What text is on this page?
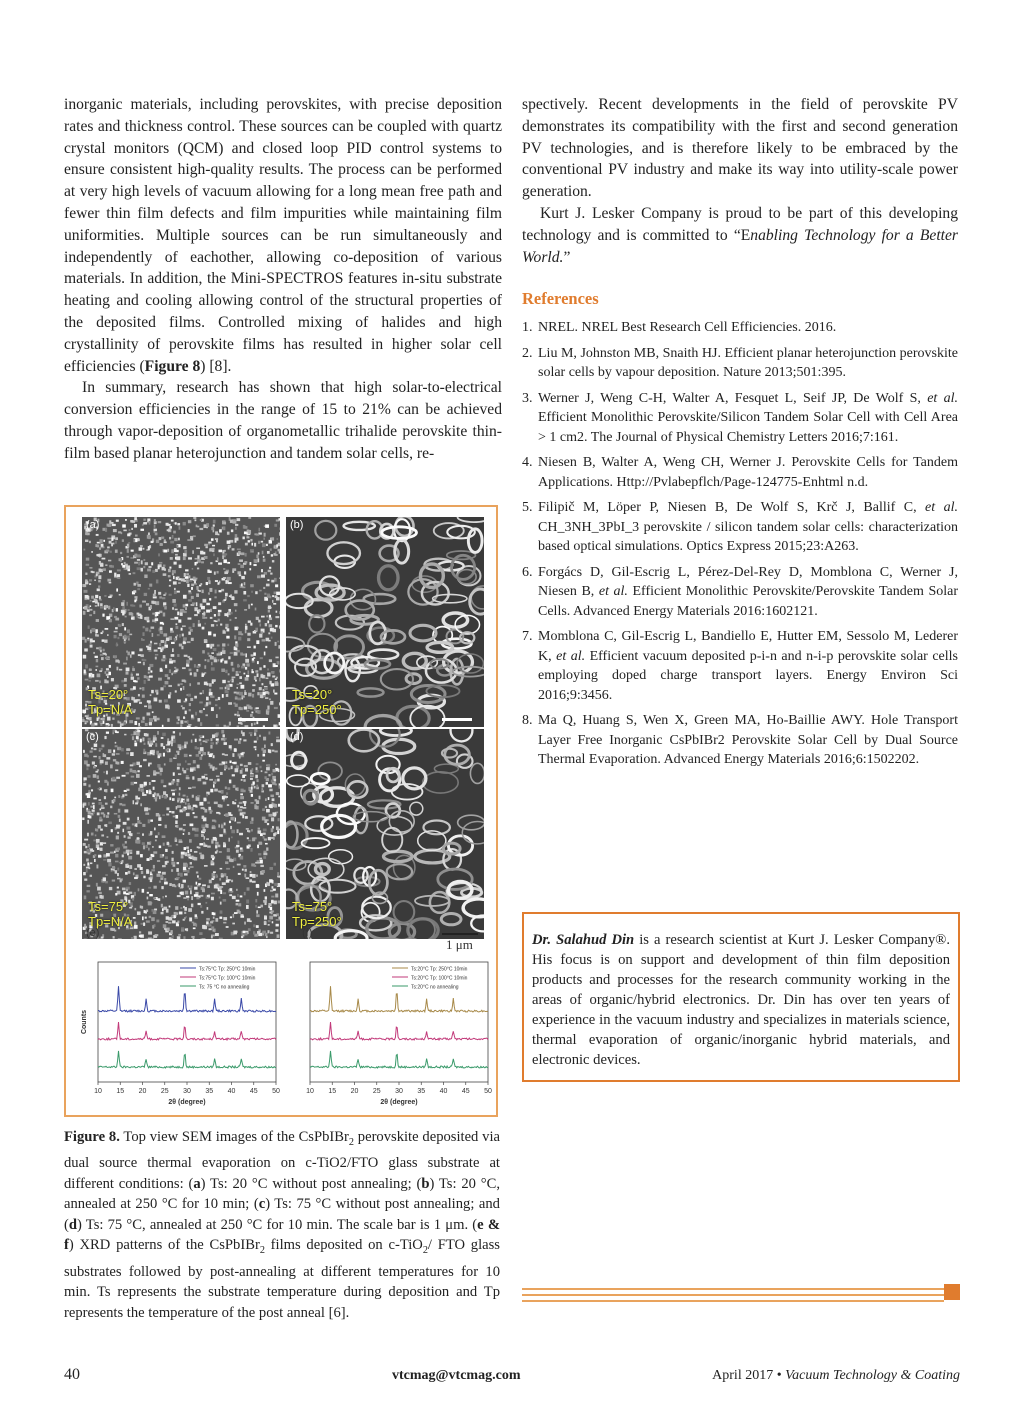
inorganic materials, including perovskites, with precise deposition rates and thickness control. These sources can be coupled with quartz crystal monitors (QCM) and closed loop PID control systems to ensure consistent high-quality results. The process can be performed at very high levels of vacuum allowing for a long mean free path and fewer thin film defects and film impurities while maintaining film uniformities. Multiple sources can be run simultaneously and independently of eachother, allowing co-deposition of various materials. In addition, the Mini-SPECTROS features in-situ substrate heating and cooling allowing control of the structural properties of the deposited films. Controlled mixing of halides and high crystallinity of perovskite films has resulted in higher solar cell efficiencies (Figure 8) [8].

In summary, research has shown that high solar-to-electrical conversion efficiencies in the range of 15 to 21% can be achieved through vapor-deposition of organometallic trihalide perovskite thin-film based planar heterojunction and tandem solar cells, re-

spectively. Recent developments in the field of perovskite PV demonstrates its compatibility with the first and second generation PV technologies, and is therefore likely to be embraced by the conventional PV industry and make its way into utility-scale power generation.

Kurt J. Lesker Company is proud to be part of this developing technology and is committed to “Enabling Technology for a Better World.”

References
1. NREL. NREL Best Research Cell Efficiencies. 2016.
2. Liu M, Johnston MB, Snaith HJ. Efficient planar heterojunction perovskite solar cells by vapour deposition. Nature 2013;501:395.
3. Werner J, Weng C-H, Walter A, Fesquet L, Seif JP, De Wolf S, et al. Efficient Monolithic Perovskite/Silicon Tandem Solar Cell with Cell Area > 1 cm2. The Journal of Physical Chemistry Letters 2016;7:161.
4. Niesen B, Walter A, Weng CH, Werner J. Perovskite Cells for Tandem Applications. Http://Pvlabepflch/Page-124775-Enhtml n.d.
5. Filipič M, Löper P, Niesen B, De Wolf S, Krč J, Ballif C, et al. CH_3NH_3PbI_3 perovskite / silicon tandem solar cells: characterization based optical simulations. Optics Express 2015;23:A263.
6. Forgács D, Gil-Escrig L, Pérez-Del-Rey D, Momblona C, Werner J, Niesen B, et al. Efficient Monolithic Perovskite/Perovskite Tandem Solar Cells. Advanced Energy Materials 2016:1602121.
7. Momblona C, Gil-Escrig L, Bandiello E, Hutter EM, Sessolo M, Lederer K, et al. Efficient vacuum deposited p-i-n and n-i-p perovskite solar cells employing doped charge transport layers. Energy Environ Sci 2016;9:3456.
8. Ma Q, Huang S, Wen X, Green MA, Ho-Baillie AWY. Hole Transport Layer Free Inorganic CsPbIBr2 Perovskite Solar Cell by Dual Source Thermal Evaporation. Advanced Energy Materials 2016;6:1502202.
(a)
Ts=20°
Tp=N/A
(b)
Ts=20°
Tp=250°
(c)
Ts=75°
Tp=N/A
(d)
Ts=75°
Tp=250°
(e)	(f)
1 μm
Ts:75°C Tp: 250°C 10min
Ts:75°C Tp: 100°C 10min
Ts: 75 °C no annealing
10 15 20 25 30 35 40 45 50
2θ (degree)
Counts
Ts:20°C Tp: 250°C 10min
Ts:20°C Tp: 100°C 10min
Ts:20°C no annealing
10 15 20 25 30 35 40 45 50
2θ (degree)
Figure 8. Top view SEM images of the CsPbIBr$_2$ perovskite deposited via dual source thermal evaporation on c-TiO2/FTO glass substrate at different conditions: (a) Ts: 20 °C without post annealing; (b) Ts: 20 °C, annealed at 250 °C for 10 min; (c) Ts: 75 °C without post annealing; and (d) Ts: 75 °C, annealed at 250 °C for 10 min. The scale bar is 1 μm. (e & f) XRD patterns of the CsPbIBr$_2$ films deposited on c-TiO$_2$/ FTO glass substrates followed by post-annealing at different temperatures for 10 min. Ts represents the substrate temperature during deposition and Tp represents the temperature of the post anneal [6].
Dr. Salahud Din is a research scientist at Kurt J. Lesker Company®. His focus is on support and development of thin film deposition products and processes for the research community working in the areas of organic/hybrid electronics. Dr. Din has over ten years of experience in the vacuum industry and specializes in materials science, thermal evaporation of organic/inorganic hybrid materials, and electronic devices.
40	vtcmag@vtcmag.com	April 2017 • Vacuum Technology & Coating
